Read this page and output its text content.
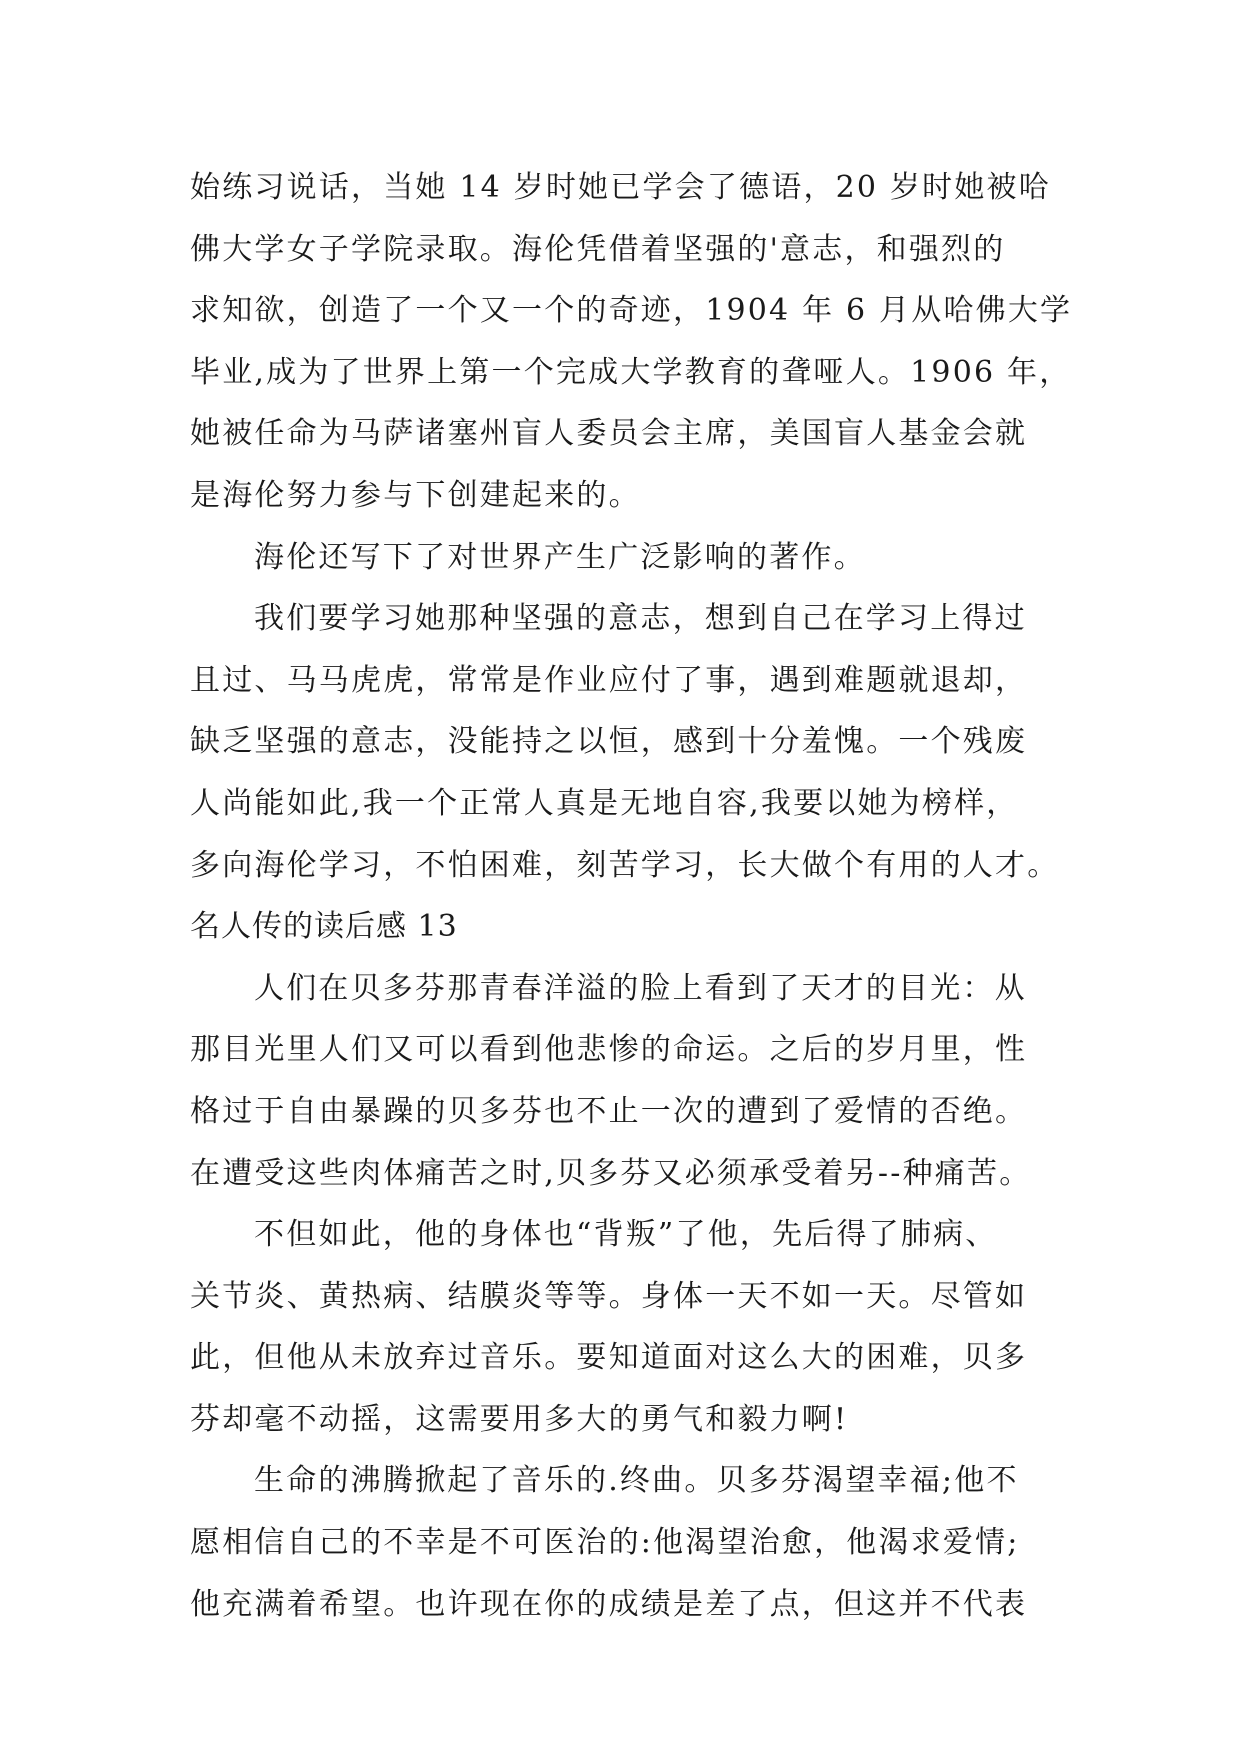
始练习说话，当她 14 岁时她已学会了德语，20 岁时她被哈
佛大学女子学院录取。海伦凭借着坚强的'意志，和强烈的
求知欲，创造了一个又一个的奇迹，1904 年 6 月从哈佛大学
毕业,成为了世界上第一个完成大学教育的聋哑人。1906 年，
她被任命为马萨诸塞州盲人委员会主席，美国盲人基金会就
是海伦努力参与下创建起来的。
海伦还写下了对世界产生广泛影响的著作。
我们要学习她那种坚强的意志，想到自己在学习上得过
且过、马马虎虎，常常是作业应付了事，遇到难题就退却，
缺乏坚强的意志，没能持之以恒，感到十分羞愧。一个残废
人尚能如此,我一个正常人真是无地自容,我要以她为榜样，
多向海伦学习，不怕困难，刻苦学习，长大做个有用的人才。
名人传的读后感 13
人们在贝多芬那青春洋溢的脸上看到了天才的目光：从
那目光里人们又可以看到他悲惨的命运。之后的岁月里，性
格过于自由暴躁的贝多芬也不止一次的遭到了爱情的否绝。
在遭受这些肉体痛苦之时,贝多芬又必须承受着另--种痛苦。
不但如此，他的身体也“背叛”了他，先后得了肺病、
关节炎、黄热病、结膜炎等等。身体一天不如一天。尽管如
此，但他从未放弃过音乐。要知道面对这么大的困难，贝多
芬却毫不动摇，这需要用多大的勇气和毅力啊!
生命的沸腾掀起了音乐的.终曲。贝多芬渴望幸福;他不
愿相信自己的不幸是不可医治的:他渴望治愈，他渴求爱情;
他充满着希望。也许现在你的成绩是差了点，但这并不代表
